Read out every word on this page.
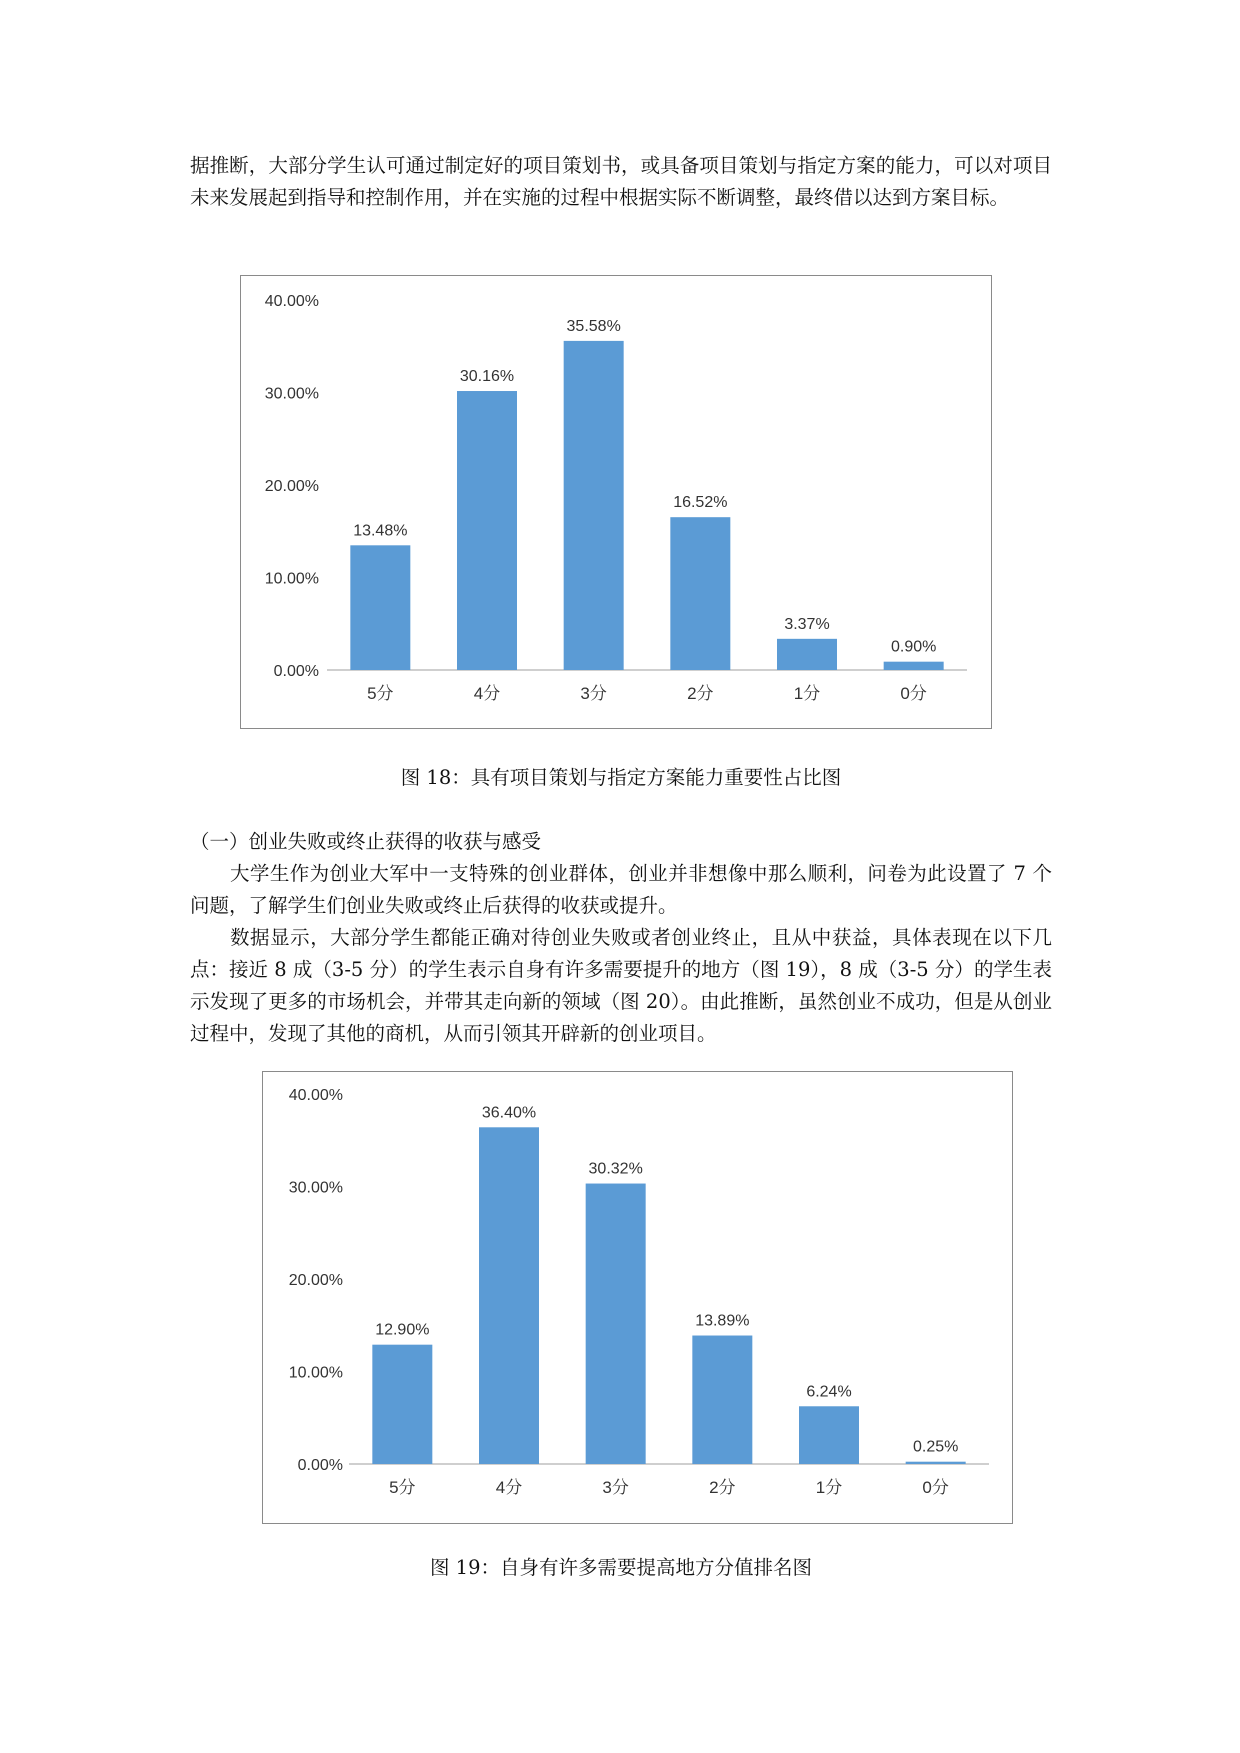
据推断，大部分学生认可通过制定好的项目策划书，或具备项目策划与指定方案的能力，可以对项目未来发展起到指导和控制作用，并在实施的过程中根据实际不断调整，最终借以达到方案目标。

0.00%
10.00%
20.00%
30.00%
40.00%
13.48%
5分
30.16%
4分
35.58%
3分
16.52%
2分
3.37%
1分
0.90%
0分

图 18：具有项目策划与指定方案能力重要性占比图

（一）创业失败或终止获得的收获与感受

大学生作为创业大军中一支特殊的创业群体，创业并非想像中那么顺利，问卷为此设置了 7 个问题，了解学生们创业失败或终止后获得的收获或提升。

数据显示，大部分学生都能正确对待创业失败或者创业终止，且从中获益，具体表现在以下几点：接近 8 成（3-5 分）的学生表示自身有许多需要提升的地方（图 19），8 成（3-5 分）的学生表示发现了更多的市场机会，并带其走向新的领域（图 20）。由此推断，虽然创业不成功，但是从创业过程中，发现了其他的商机，从而引领其开辟新的创业项目。

0.00%
10.00%
20.00%
30.00%
40.00%
12.90%
5分
36.40%
4分
30.32%
3分
13.89%
2分
6.24%
1分
0.25%
0分

图 19：自身有许多需要提高地方分值排名图
